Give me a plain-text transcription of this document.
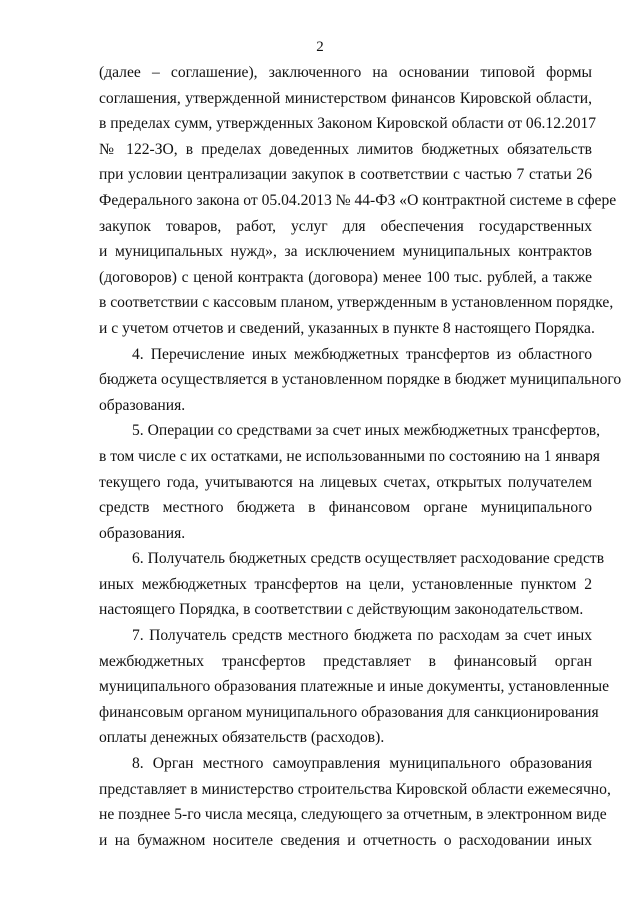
2
(далее – соглашение), заключенного на основании типовой формы
соглашения, утвержденной министерством финансов Кировской области,
в пределах сумм, утвержденных Законом Кировской области от 06.12.2017
№ 122-ЗО, в пределах доведенных лимитов бюджетных обязательств
при условии централизации закупок в соответствии с частью 7 статьи 26
Федерального закона от 05.04.2013 № 44-ФЗ «О контрактной системе в сфере
закупок товаров, работ, услуг для обеспечения государственных
и муниципальных нужд», за исключением муниципальных контрактов
(договоров) с ценой контракта (договора) менее 100 тыс. рублей, а также
в соответствии с кассовым планом, утвержденным в установленном порядке,
и с учетом отчетов и сведений, указанных в пункте 8 настоящего Порядка.
4. Перечисление иных межбюджетных трансфертов из областного
бюджета осуществляется в установленном порядке в бюджет муниципального
образования.
5. Операции со средствами за счет иных межбюджетных трансфертов,
в том числе с их остатками, не использованными по состоянию на 1 января
текущего года, учитываются на лицевых счетах, открытых получателем
средств местного бюджета в финансовом органе муниципального
образования.
6. Получатель бюджетных средств осуществляет расходование средств
иных межбюджетных трансфертов на цели, установленные пунктом 2
настоящего Порядка, в соответствии с действующим законодательством.
7. Получатель средств местного бюджета по расходам за счет иных
межбюджетных трансфертов представляет в финансовый орган
муниципального образования платежные и иные документы, установленные
финансовым органом муниципального образования для санкционирования
оплаты денежных обязательств (расходов).
8. Орган местного самоуправления муниципального образования
представляет в министерство строительства Кировской области ежемесячно,
не позднее 5-го числа месяца, следующего за отчетным, в электронном виде
и на бумажном носителе сведения и отчетность о расходовании иных
